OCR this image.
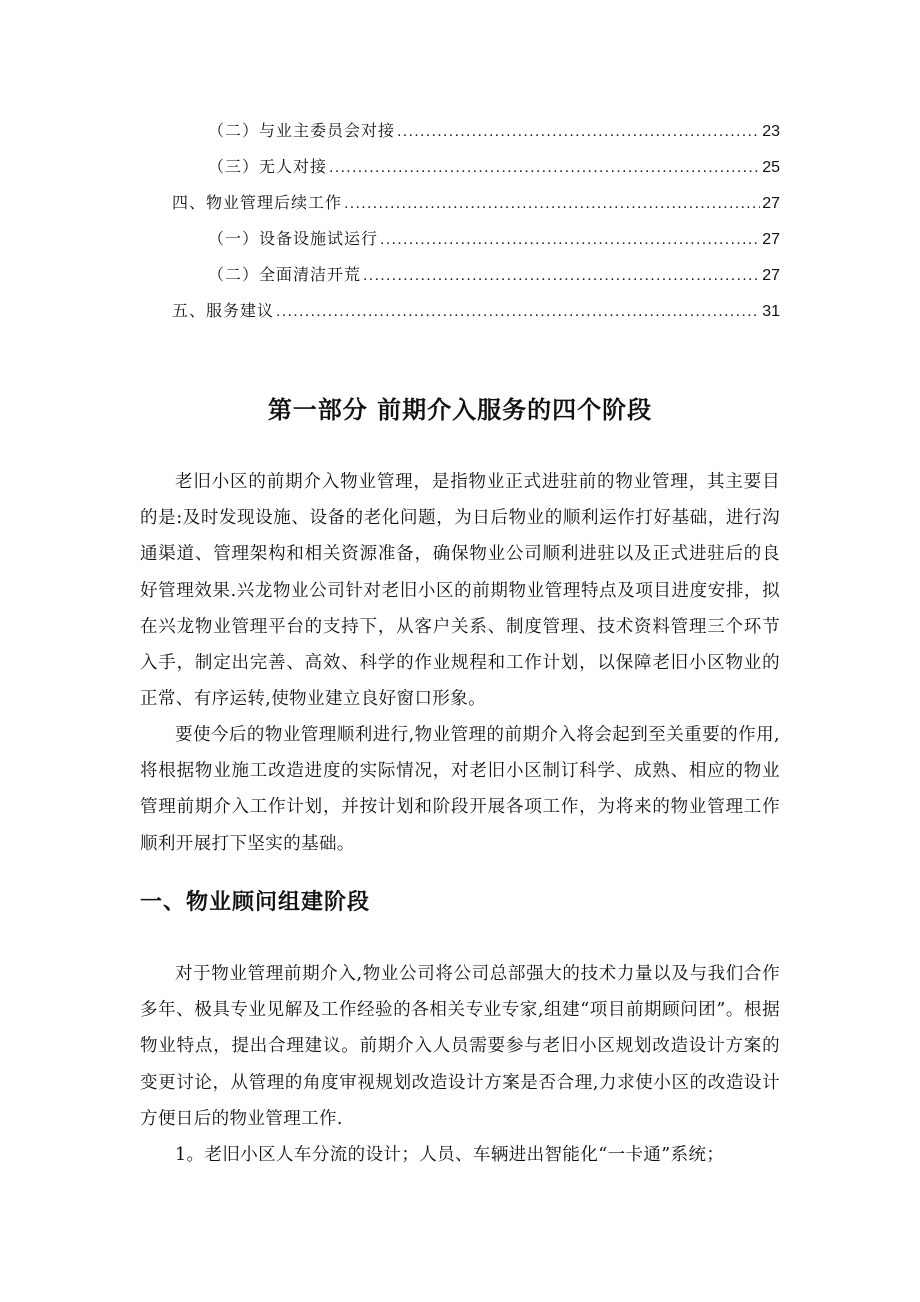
（二）与业主委员会对接 .....	23
（三）无人对接 .....	25
四、物业管理后续工作 .....	27
（一）设备设施试运行 .....	27
（二）全面清洁开荒 .....	27
五、服务建议 .....	31
第一部分 前期介入服务的四个阶段

老旧小区的前期介入物业管理，是指物业正式进驻前的物业管理，其主要目的是:及时发现设施、设备的老化问题，为日后物业的顺利运作打好基础，进行沟通渠道、管理架构和相关资源准备，确保物业公司顺利进驻以及正式进驻后的良好管理效果.兴龙物业公司针对老旧小区的前期物业管理特点及项目进度安排，拟在兴龙物业管理平台的支持下，从客户关系、制度管理、技术资料管理三个环节入手，制定出完善、高效、科学的作业规程和工作计划，以保障老旧小区物业的正常、有序运转,使物业建立良好窗口形象。

要使今后的物业管理顺利进行,物业管理的前期介入将会起到至关重要的作用,将根据物业施工改造进度的实际情况，对老旧小区制订科学、成熟、相应的物业管理前期介入工作计划，并按计划和阶段开展各项工作，为将来的物业管理工作顺利开展打下坚实的基础。

一、物业顾问组建阶段

对于物业管理前期介入,物业公司将公司总部强大的技术力量以及与我们合作多年、极具专业见解及工作经验的各相关专业专家,组建“项目前期顾问团”。根据物业特点，提出合理建议。前期介入人员需要参与老旧小区规划改造设计方案的变更讨论，从管理的角度审视规划改造设计方案是否合理,力求使小区的改造设计方便日后的物业管理工作.

1。老旧小区人车分流的设计；人员、车辆进出智能化“一卡通”系统；
